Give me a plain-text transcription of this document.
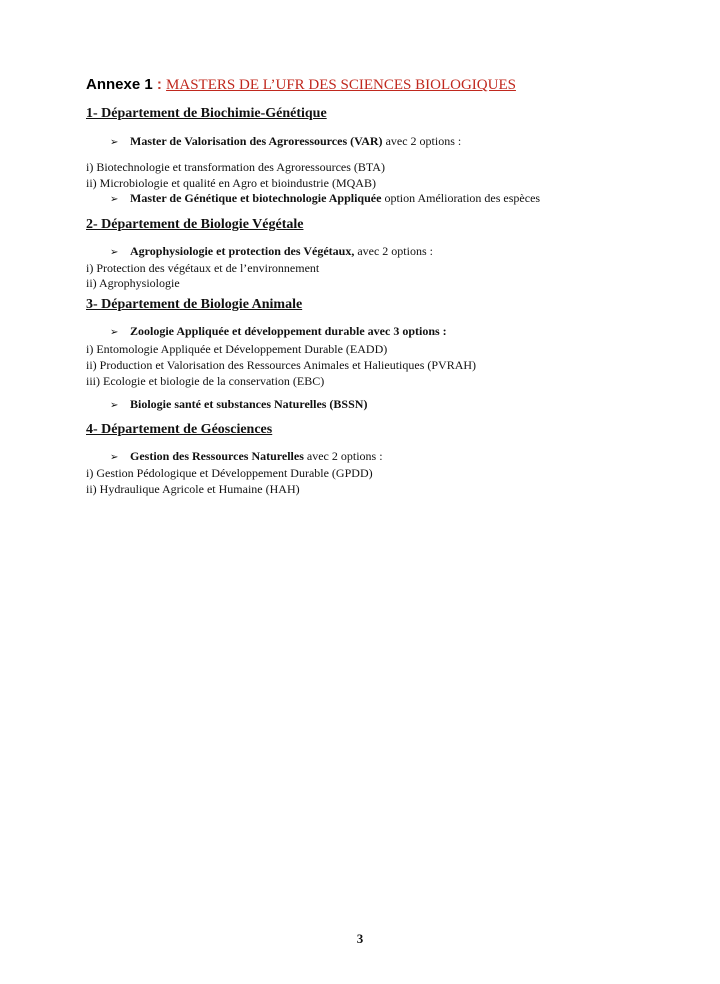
Annexe 1 : MASTERS DE L’UFR DES SCIENCES BIOLOGIQUES
1- Département de Biochimie-Génétique
➢ Master de Valorisation des Agroressources (VAR) avec 2 options :
i) Biotechnologie et transformation des Agroressources (BTA)
ii) Microbiologie et qualité en Agro et bioindustrie (MQAB)
➢ Master de Génétique et biotechnologie Appliquée option Amélioration des espèces
2- Département de Biologie Végétale
➢ Agrophysiologie et protection des Végétaux, avec 2 options :
i) Protection des végétaux et de l’environnement
ii) Agrophysiologie
3- Département de Biologie Animale
➢ Zoologie Appliquée et développement durable avec 3 options :
i) Entomologie Appliquée et Développement Durable (EADD)
ii) Production et Valorisation des Ressources Animales et Halieutiques (PVRAH)
iii) Ecologie et biologie de la conservation (EBC)
➢ Biologie santé et substances Naturelles (BSSN)
4- Département de Géosciences
➢ Gestion des Ressources Naturelles avec 2 options :
i) Gestion Pédologique et Développement Durable (GPDD)
ii) Hydraulique Agricole et Humaine (HAH)
3
